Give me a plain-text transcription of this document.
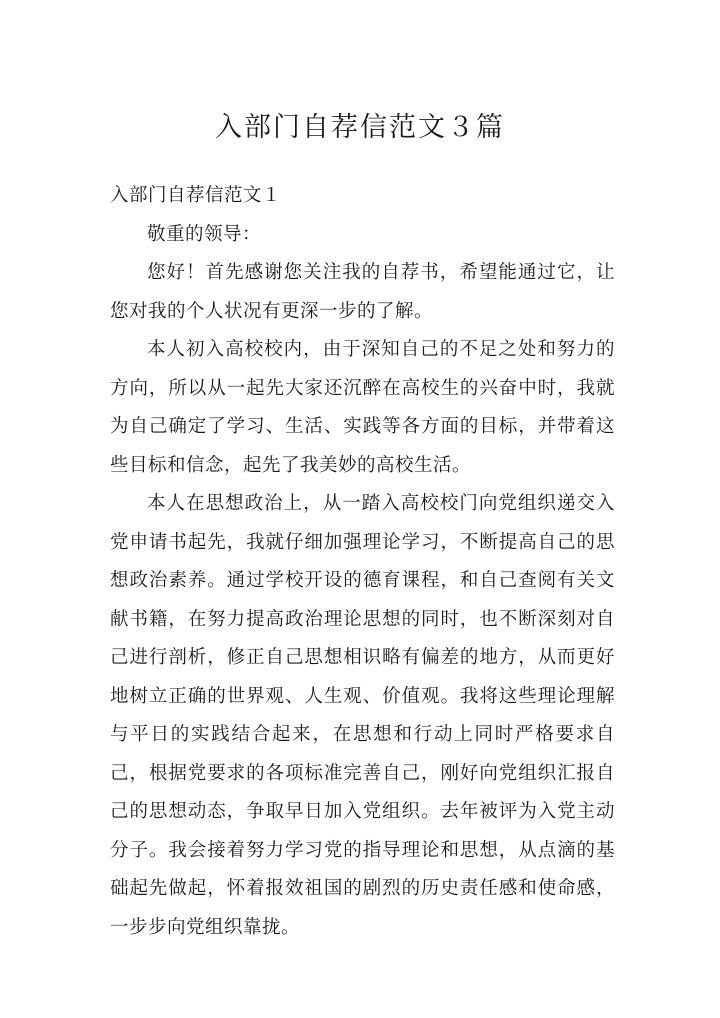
入部门自荐信范文３篇

入部门自荐信范文１

敬重的领导：

您好！首先感谢您关注我的自荐书，希望能通过它，让您对我的个人状况有更深一步的了解。

本人初入高校校内，由于深知自己的不足之处和努力的方向，所以从一起先大家还沉醉在高校生的兴奋中时，我就为自己确定了学习、生活、实践等各方面的目标，并带着这些目标和信念，起先了我美妙的高校生活。

本人在思想政治上，从一踏入高校校门向党组织递交入党申请书起先，我就仔细加强理论学习，不断提高自己的思想政治素养。通过学校开设的德育课程，和自己查阅有关文献书籍，在努力提高政治理论思想的同时，也不断深刻对自己进行剖析，修正自己思想相识略有偏差的地方，从而更好地树立正确的世界观、人生观、价值观。我将这些理论理解与平日的实践结合起来，在思想和行动上同时严格要求自己，根据党要求的各项标准完善自己，刚好向党组织汇报自己的思想动态，争取早日加入党组织。去年被评为入党主动分子。我会接着努力学习党的指导理论和思想，从点滴的基础起先做起，怀着报效祖国的剧烈的历史责任感和使命感，一步步向党组织靠拢。
